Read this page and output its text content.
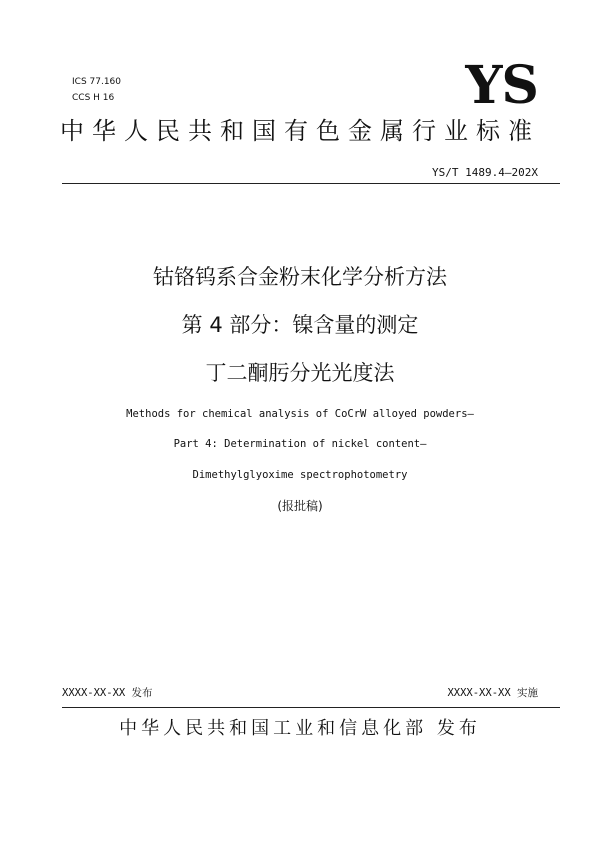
ICS 77.160
CCS H 16	YS
中华人民共和国有色金属行业标准
YS/T 1489.4—202X
钴铬钨系合金粉末化学分析方法
第 4 部分：镍含量的测定
丁二酮肟分光光度法
Methods for chemical analysis of CoCrW alloyed powders—
Part 4: Determination of nickel content—
Dimethylglyoxime spectrophotometry
(报批稿)
XXXX-XX-XX 发布	XXXX-XX-XX 实施
中华人民共和国工业和信息化部 发布
